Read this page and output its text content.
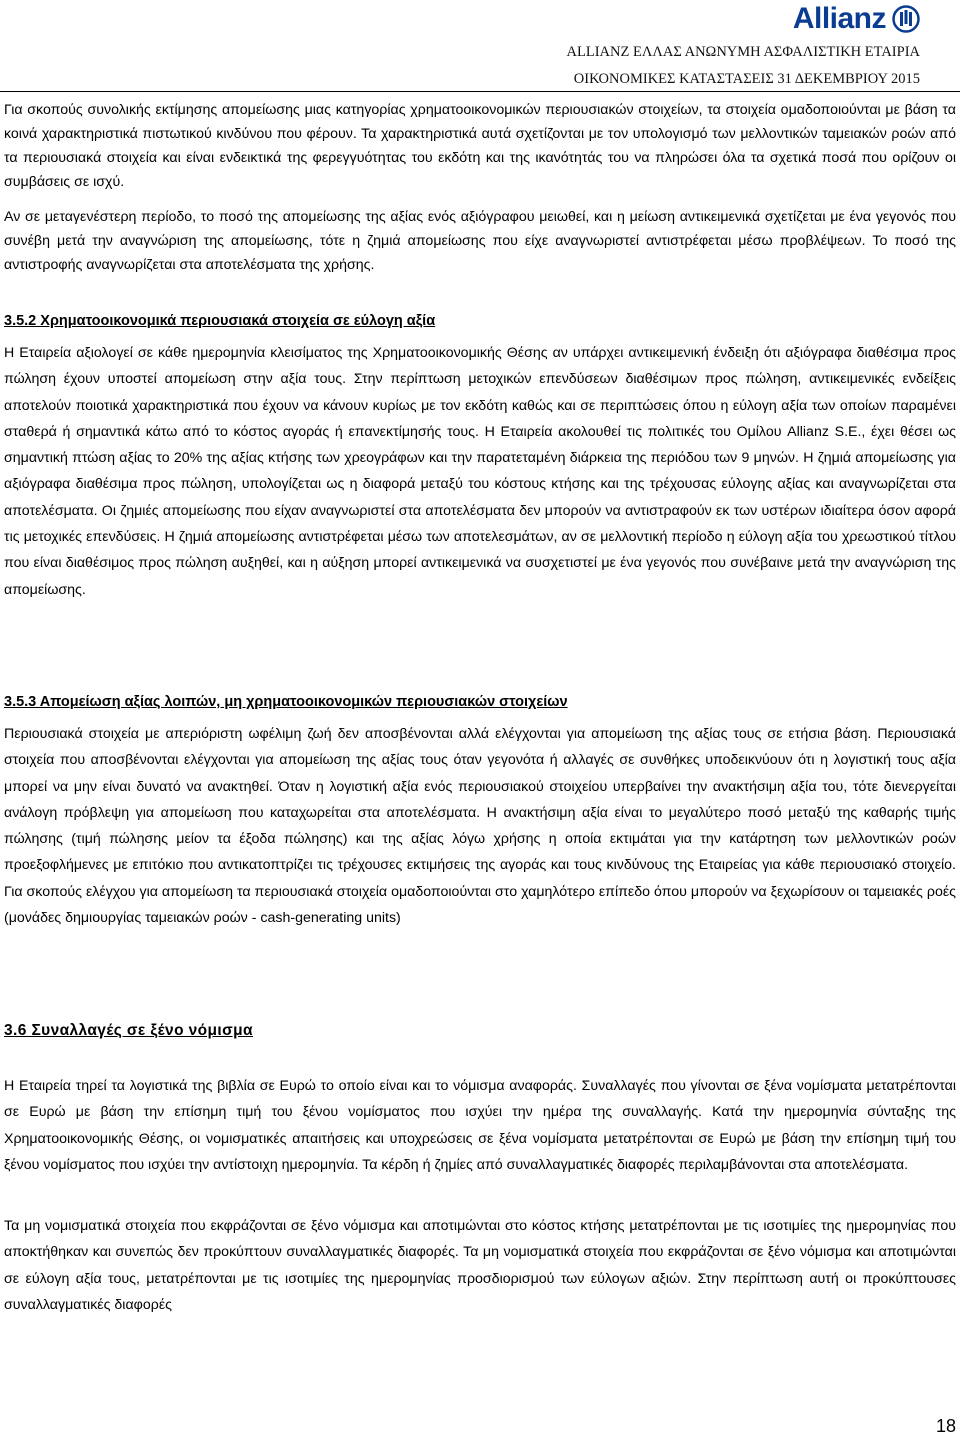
Allianz
ALLIANZ ΕΛΛΑΣ ΑΝΩΝΥΜΗ ΑΣΦΑΛΙΣΤΙΚΗ ΕΤΑΙΡΙΑ
ΟΙΚΟΝΟΜΙΚΕΣ ΚΑΤΑΣΤΑΣΕΙΣ 31 ΔΕΚΕΜΒΡΙΟΥ 2015

Για σκοπούς συνολικής εκτίμησης απομείωσης μιας κατηγορίας χρηματοοικονομικών περιουσιακών στοιχείων, τα στοιχεία ομαδοποιούνται με βάση τα κοινά χαρακτηριστικά πιστωτικού κινδύνου που φέρουν. Τα χαρακτηριστικά αυτά σχετίζονται με τον υπολογισμό των μελλοντικών ταμειακών ροών από τα περιουσιακά στοιχεία και είναι ενδεικτικά της φερεγγυότητας του εκδότη και της ικανότητάς του να πληρώσει όλα τα σχετικά ποσά που ορίζουν οι συμβάσεις σε ισχύ.

Αν σε μεταγενέστερη περίοδο, το ποσό της απομείωσης της αξίας ενός αξιόγραφου μειωθεί, και η μείωση αντικειμενικά σχετίζεται με ένα γεγονός που συνέβη μετά την αναγνώριση της απομείωσης, τότε η ζημιά απομείωσης που είχε αναγνωριστεί αντιστρέφεται μέσω προβλέψεων. Το ποσό της αντιστροφής αναγνωρίζεται στα αποτελέσματα της χρήσης.

3.5.2 Χρηματοοικονομικά περιουσιακά στοιχεία σε εύλογη αξία

Η Εταιρεία αξιολογεί σε κάθε ημερομηνία κλεισίματος της Χρηματοοικονομικής Θέσης αν υπάρχει αντικειμενική ένδειξη ότι αξιόγραφα διαθέσιμα προς πώληση έχουν υποστεί απομείωση στην αξία τους. Στην περίπτωση μετοχικών επενδύσεων διαθέσιμων προς πώληση, αντικειμενικές ενδείξεις αποτελούν ποιοτικά χαρακτηριστικά που έχουν να κάνουν κυρίως με τον εκδότη καθώς και σε περιπτώσεις όπου η εύλογη αξία των οποίων παραμένει σταθερά ή σημαντικά κάτω από το κόστος αγοράς ή επανεκτίμησής τους. Η Εταιρεία ακολουθεί τις πολιτικές του Ομίλου Allianz S.E., έχει θέσει ως σημαντική πτώση αξίας το 20% της αξίας κτήσης των χρεογράφων και την παρατεταμένη διάρκεια της περιόδου των 9 μηνών. Η ζημιά απομείωσης για αξιόγραφα διαθέσιμα προς πώληση, υπολογίζεται ως η διαφορά μεταξύ του κόστους κτήσης και της τρέχουσας εύλογης αξίας και αναγνωρίζεται στα αποτελέσματα. Οι ζημιές απομείωσης που είχαν αναγνωριστεί στα αποτελέσματα δεν μπορούν να αντιστραφούν εκ των υστέρων ιδιαίτερα όσον αφορά τις μετοχικές επενδύσεις. Η ζημιά απομείωσης αντιστρέφεται μέσω των αποτελεσμάτων, αν σε μελλοντική περίοδο η εύλογη αξία του χρεωστικού τίτλου που είναι διαθέσιμος προς πώληση αυξηθεί, και η αύξηση μπορεί αντικειμενικά να συσχετιστεί με ένα γεγονός που συνέβαινε μετά την αναγνώριση της απομείωσης.

3.5.3 Απομείωση αξίας λοιπών, μη χρηματοοικονομικών περιουσιακών στοιχείων

Περιουσιακά στοιχεία με απεριόριστη ωφέλιμη ζωή δεν αποσβένονται αλλά ελέγχονται για απομείωση της αξίας τους σε ετήσια βάση. Περιουσιακά στοιχεία που αποσβένονται ελέγχονται για απομείωση της αξίας τους όταν γεγονότα ή αλλαγές σε συνθήκες υποδεικνύουν ότι η λογιστική τους αξία μπορεί να μην είναι δυνατό να ανακτηθεί. Όταν η λογιστική αξία ενός περιουσιακού στοιχείου υπερβαίνει την ανακτήσιμη αξία του, τότε διενεργείται ανάλογη πρόβλεψη για απομείωση που καταχωρείται στα αποτελέσματα. Η ανακτήσιμη αξία είναι το μεγαλύτερο ποσό μεταξύ της καθαρής τιμής πώλησης (τιμή πώλησης μείον τα έξοδα πώλησης) και της αξίας λόγω χρήσης η οποία εκτιμάται για την κατάρτηση των μελλοντικών ροών προεξοφλήμενες με επιτόκιο που αντικατοπτρίζει τις τρέχουσες εκτιμήσεις της αγοράς και τους κινδύνους της Εταιρείας για κάθε περιουσιακό στοιχείο. Για σκοπούς ελέγχου για απομείωση τα περιουσιακά στοιχεία ομαδοποιούνται στο χαμηλότερο επίπεδο όπου μπορούν να ξεχωρίσουν οι ταμειακές ροές (μονάδες δημιουργίας ταμειακών ροών - cash-generating units)

3.6 Συναλλαγές σε ξένο νόμισμα

Η Εταιρεία τηρεί τα λογιστικά της βιβλία σε Ευρώ το οποίο είναι και το νόμισμα αναφοράς. Συναλλαγές που γίνονται σε ξένα νομίσματα μετατρέπονται σε Ευρώ με βάση την επίσημη τιμή του ξένου νομίσματος που ισχύει την ημέρα της συναλλαγής. Κατά την ημερομηνία σύνταξης της Χρηματοοικονομικής Θέσης, οι νομισματικές απαιτήσεις και υποχρεώσεις σε ξένα νομίσματα μετατρέπονται σε Ευρώ με βάση την επίσημη τιμή του ξένου νομίσματος που ισχύει την αντίστοιχη ημερομηνία. Τα κέρδη ή ζημίες από συναλλαγματικές διαφορές περιλαμβάνονται στα αποτελέσματα.

Τα μη νομισματικά στοιχεία που εκφράζονται σε ξένο νόμισμα και αποτιμώνται στο κόστος κτήσης μετατρέπονται με τις ισοτιμίες της ημερομηνίας που αποκτήθηκαν και συνεπώς δεν προκύπτουν συναλλαγματικές διαφορές. Τα μη νομισματικά στοιχεία που εκφράζονται σε ξένο νόμισμα και αποτιμώνται σε εύλογη αξία τους, μετατρέπονται με τις ισοτιμίες της ημερομηνίας προσδιορισμού των εύλογων αξιών. Στην περίπτωση αυτή οι προκύπτουσες συναλλαγματικές διαφορές

18
